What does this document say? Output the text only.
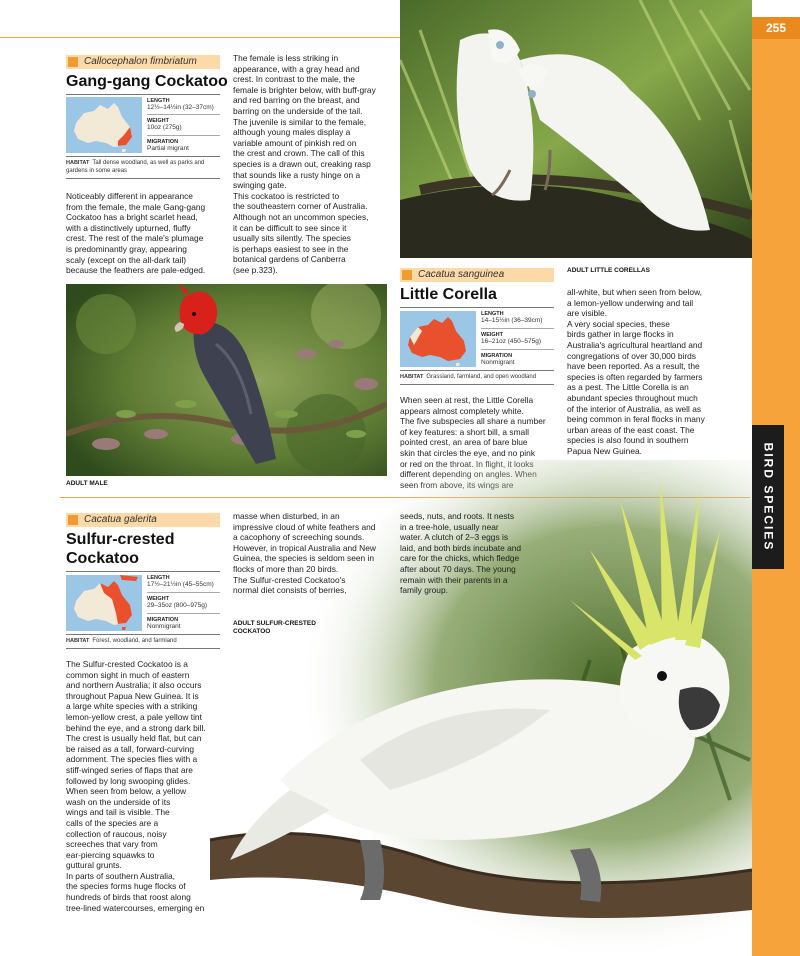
255
BIRD SPECIES
Callocephalon fimbriatum
Gang-gang Cockatoo
LENGTH
12½–14½in (32–37cm)
WEIGHT
10oz (275g)
MIGRATION
Partial migrant
HABITAT Tall dense woodland, as well as parks and gardens in some areas
Noticeably different in appearance
from the female, the male Gang-gang
Cockatoo has a bright scarlet head,
with a distinctively upturned, fluffy
crest. The rest of the male's plumage
is predominantly gray, appearing
scaly (except on the all-dark tail)
because the feathers are pale-edged.
The female is less striking in
appearance, with a gray head and
crest. In contrast to the male, the
female is brighter below, with buff-gray
and red barring on the breast, and
barring on the underside of the tail.
The juvenile is similar to the female,
although young males display a
variable amount of pinkish red on
the crest and crown. The call of this
species is a drawn out, creaking rasp
that sounds like a rusty hinge on a
swinging gate.
This cockatoo is restricted to
the southeastern corner of Australia.
Although not an uncommon species,
it can be difficult to see since it
usually sits silently. The species
is perhaps easiest to see in the
botanical gardens of Canberra
(see p.323).
ADULT MALE
ADULT LITTLE CORELLAS
Cacatua sanguinea
Little Corella
LENGTH
14–15½in (36–39cm)
WEIGHT
16–21oz (450–575g)
MIGRATION
Nonmigrant
HABITAT Grassland, farmland, and open woodland
When seen at rest, the Little Corella
appears almost completely white.
The five subspecies all share a number
of key features: a short bill, a small
pointed crest, an area of bare blue
skin that circles the eye, and no pink

all-white, but when seen from below,
a lemon-yellow underwing and tail
are visible.
A very social species, these
birds gather in large flocks in
Australia's agricultural heartland and
congregations of over 30,000 birds
have been reported. As a result, the
species is often regarded by farmers
as a pest. The Little Corella is an
abundant species throughout much
of the interior of Australia, as well as
being common in feral flocks in many
urban areas of the east coast. The
species is also found in southern
Papua New Guinea.
Cacatua galerita
Sulfur-crested
Cockatoo
LENGTH
17½–21½in (45–55cm)
WEIGHT
29–35oz (800–975g)
MIGRATION
Nonmigrant
HABITAT Forest, woodland, and farmland
The Sulfur-crested Cockatoo is a
common sight in much of eastern
and northern Australia; it also occurs
throughout Papua New Guinea. It is
a large white species with a striking
lemon-yellow crest, a pale yellow tint
behind the eye, and a strong dark bill.
The crest is usually held flat, but can
be raised as a tall, forward-curving
adornment. The species flies with a
stiff-winged series of flaps that are
followed by long swooping glides.
When seen from below, a yellow
wash on the underside of its
wings and tail is visible. The
calls of the species are a
collection of raucous, noisy
screeches that vary from
ear-piercing squawks to
guttural grunts.
In parts of southern Australia,
the species forms huge flocks of
hundreds of birds that roost along
tree-lined watercourses, emerging en
masse when disturbed, in an
impressive cloud of white feathers and
a cacophony of screeching sounds.
However, in tropical Australia and New
Guinea, the species is seldom seen in
flocks of more than 20 birds.
The Sulfur-crested Cockatoo's
normal diet consists of berries,
seeds, nuts, and roots. It nests
in a tree-hole, usually near
water. A clutch of 2–3 eggs is
laid, and both birds incubate and
care for the chicks, which fledge
after about 70 days. The young
remain with their parents in a
family group.
ADULT SULFUR-CRESTED
COCKATOO
